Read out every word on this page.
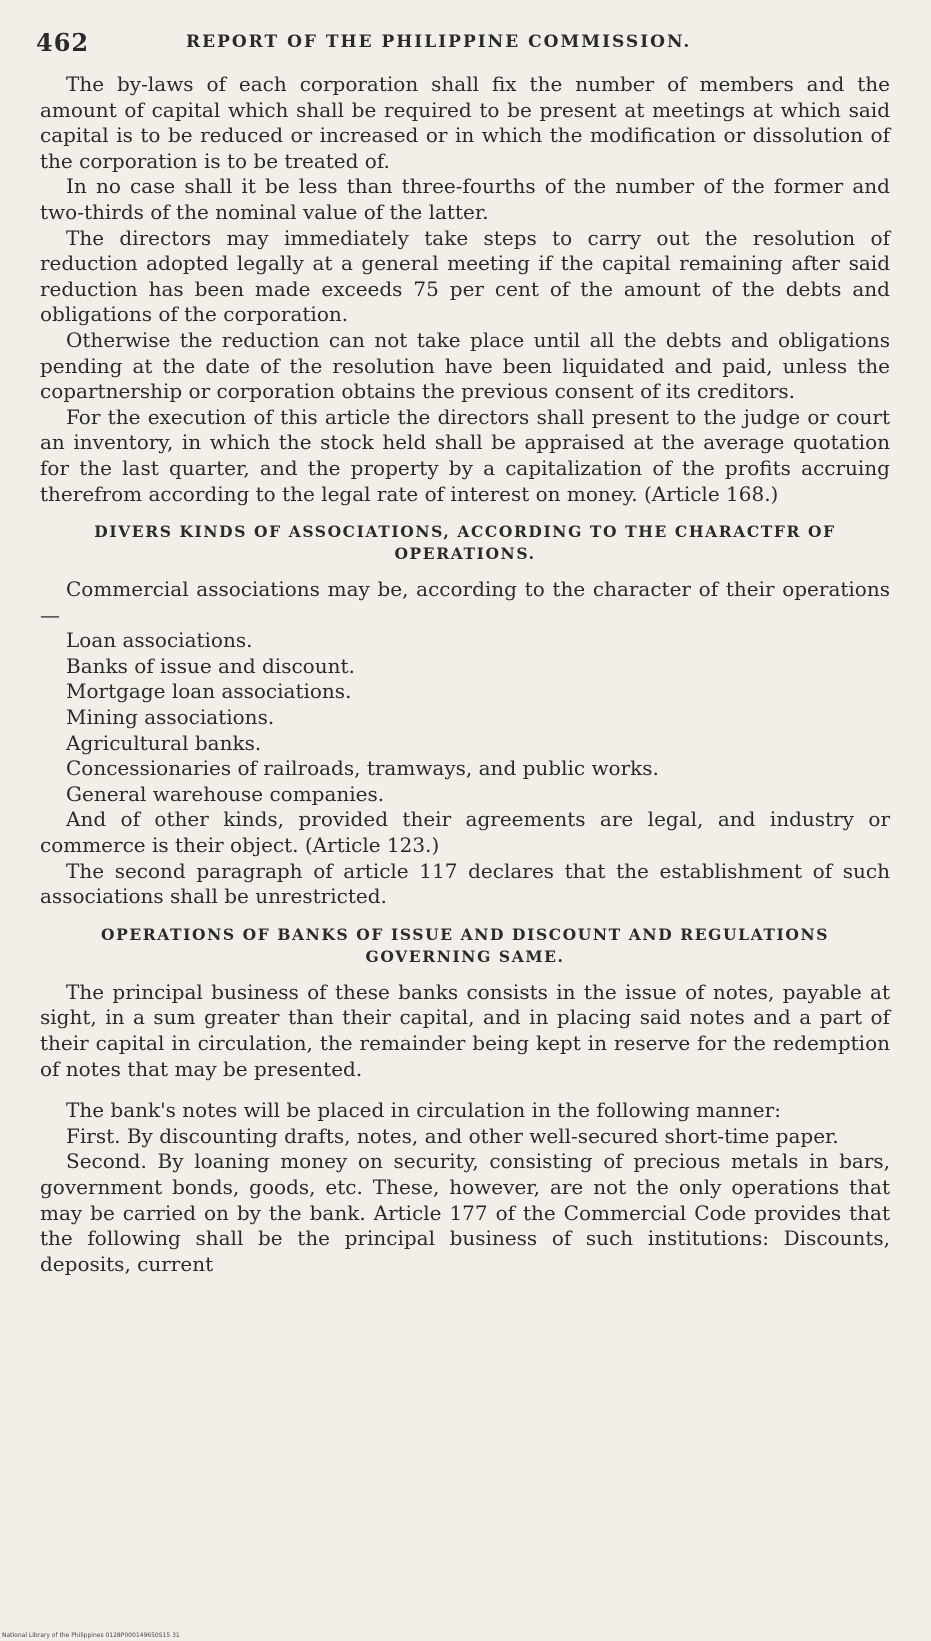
462	REPORT OF THE PHILIPPINE COMMISSION.

The by-laws of each corporation shall fix the number of members and the amount of capital which shall be required to be present at meetings at which said capital is to be reduced or increased or in which the modification or dissolution of the corporation is to be treated of.

In no case shall it be less than three-fourths of the number of the former and two-thirds of the nominal value of the latter.

The directors may immediately take steps to carry out the resolution of reduction adopted legally at a general meeting if the capital remaining after said reduction has been made exceeds 75 per cent of the amount of the debts and obligations of the corporation.

Otherwise the reduction can not take place until all the debts and obligations pending at the date of the resolution have been liquidated and paid, unless the copartnership or corporation obtains the previous consent of its creditors.

For the execution of this article the directors shall present to the judge or court an inventory, in which the stock held shall be appraised at the average quotation for the last quarter, and the property by a capitalization of the profits accruing therefrom according to the legal rate of interest on money. (Article 168.)

DIVERS KINDS OF ASSOCIATIONS, ACCORDING TO THE CHARACTFR OF OPERATIONS.

Commercial associations may be, according to the character of their operations—

Loan associations.

Banks of issue and discount.

Mortgage loan associations.

Mining associations.

Agricultural banks.

Concessionaries of railroads, tramways, and public works.

General warehouse companies.

And of other kinds, provided their agreements are legal, and industry or commerce is their object. (Article 123.)

The second paragraph of article 117 declares that the establishment of such associations shall be unrestricted.

OPERATIONS OF BANKS OF ISSUE AND DISCOUNT AND REGULATIONS GOVERNING SAME.

The principal business of these banks consists in the issue of notes, payable at sight, in a sum greater than their capital, and in placing said notes and a part of their capital in circulation, the remainder being kept in reserve for the redemption of notes that may be presented.

The bank's notes will be placed in circulation in the following manner:

First. By discounting drafts, notes, and other well-secured short-time paper.

Second. By loaning money on security, consisting of precious metals in bars, government bonds, goods, etc. These, however, are not the only operations that may be carried on by the bank. Article 177 of the Commercial Code provides that the following shall be the principal business of such institutions: Discounts, deposits, current

National Library of the Philippines 0128P000149650S15 31
